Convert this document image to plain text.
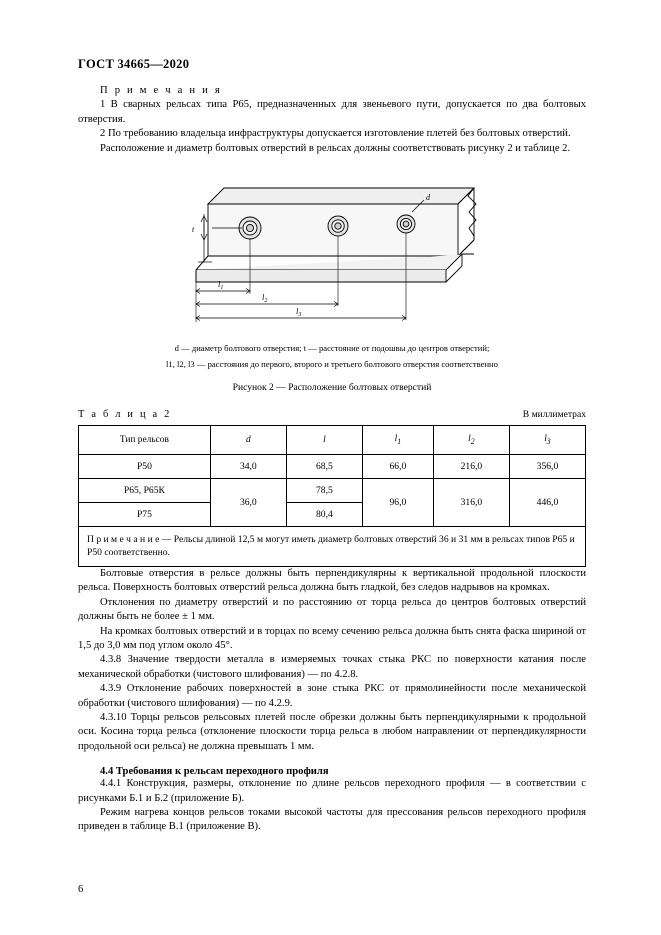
ГОСТ 34665—2020

П р и м е ч а н и я

1 В сварных рельсах типа Р65, предназначенных для звеньевого пути, допускается по два болтовых отверстия.

2 По требованию владельца инфраструктуры допускается изготовление плетей без болтовых отверстий.

Расположение и диаметр болтовых отверстий в рельсах должны соответствовать рисунку 2 и таблице 2.

d
t
$l_1$
$l_2$
$l_3$
d — диаметр болтового отверстия; t — расстояние от подошвы до центров отверстий;
l1, l2, l3 — расстояния до первого, второго и третьего болтового отверстия соответственно
Рисунок 2 — Расположение болтовых отверстий
Т а б л и ц а 2	В миллиметрах
Тип рельсов	d	l	$l_1$	$l_2$	$l_3$
Р50	34,0	68,5	66,0	216,0	356,0
Р65, Р65К	36,0	78,5	96,0	316,0	446,0
Р75		80,4			
П р и м е ч а н и е — Рельсы длиной 12,5 м могут иметь диаметр болтовых отверстий 36 и 31 мм в рельсах типов Р65 и Р50 соответственно.					

Болтовые отверстия в рельсе должны быть перпендикулярны к вертикальной продольной плоскости рельса. Поверхность болтовых отверстий рельса должна быть гладкой, без следов надрывов на кромках.

Отклонения по диаметру отверстий и по расстоянию от торца рельса до центров болтовых отверстий должны быть не более ± 1 мм.

На кромках болтовых отверстий и в торцах по всему сечению рельса должна быть снята фаска шириной от 1,5 до 3,0 мм под углом около 45°.

4.3.8 Значение твердости металла в измеряемых точках стыка РКС по поверхности катания после механической обработки (чистового шлифования) — по 4.2.8.

4.3.9 Отклонение рабочих поверхностей в зоне стыка РКС от прямолинейности после механической обработки (чистового шлифования) — по 4.2.9.

4.3.10 Торцы рельсов рельсовых плетей после обрезки должны быть перпендикулярными к продольной оси. Косина торца рельса (отклонение плоскости торца рельса в любом направлении от перпендикулярности продольной оси рельса) не должна превышать 1 мм.

4.4 Требования к рельсам переходного профиля

4.4.1 Конструкция, размеры, отклонение по длине рельсов переходного профиля — в соответствии с рисунками Б.1 и Б.2 (приложение Б).

Режим нагрева концов рельсов токами высокой частоты для прессования рельсов переходного профиля приведен в таблице В.1 (приложение В).

6
